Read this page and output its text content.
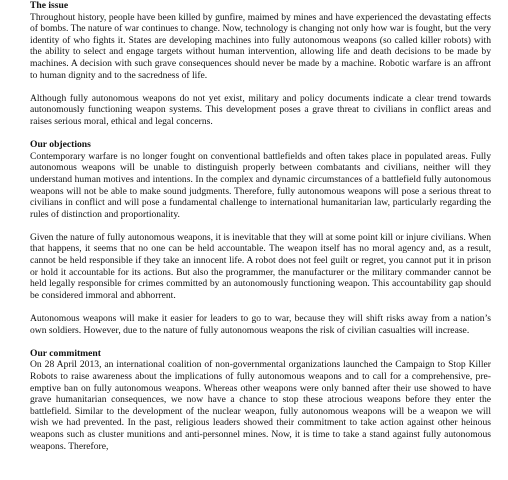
The issue

Throughout history, people have been killed by gunfire, maimed by mines and have experienced the devastating effects of bombs. The nature of war continues to change. Now, technology is changing not only how war is fought, but the very identity of who fights it. States are developing machines into fully autonomous weapons (so called killer robots) with the ability to select and engage targets without human intervention, allowing life and death decisions to be made by machines. A decision with such grave consequences should never be made by a machine. Robotic warfare is an affront to human dignity and to the sacredness of life.

Although fully autonomous weapons do not yet exist, military and policy documents indicate a clear trend towards autonomously functioning weapon systems. This development poses a grave threat to civilians in conflict areas and raises serious moral, ethical and legal concerns.

Our objections

Contemporary warfare is no longer fought on conventional battlefields and often takes place in populated areas. Fully autonomous weapons will be unable to distinguish properly between combatants and civilians, neither will they understand human motives and intentions. In the complex and dynamic circumstances of a battlefield fully autonomous weapons will not be able to make sound judgments. Therefore, fully autonomous weapons will pose a serious threat to civilians in conflict and will pose a fundamental challenge to international humanitarian law, particularly regarding the rules of distinction and proportionality.

Given the nature of fully autonomous weapons, it is inevitable that they will at some point kill or injure civilians. When that happens, it seems that no one can be held accountable. The weapon itself has no moral agency and, as a result, cannot be held responsible if they take an innocent life. A robot does not feel guilt or regret, you cannot put it in prison or hold it accountable for its actions. But also the programmer, the manufacturer or the military commander cannot be held legally responsible for crimes committed by an autonomously functioning weapon. This accountability gap should be considered immoral and abhorrent.

Autonomous weapons will make it easier for leaders to go to war, because they will shift risks away from a nation’s own soldiers. However, due to the nature of fully autonomous weapons the risk of civilian casualties will increase.

Our commitment

On 28 April 2013, an international coalition of non-governmental organizations launched the Campaign to Stop Killer Robots to raise awareness about the implications of fully autonomous weapons and to call for a comprehensive, pre-emptive ban on fully autonomous weapons. Whereas other weapons were only banned after their use showed to have grave humanitarian consequences, we now have a chance to stop these atrocious weapons before they enter the battlefield. Similar to the development of the nuclear weapon, fully autonomous weapons will be a weapon we will wish we had prevented. In the past, religious leaders showed their commitment to take action against other heinous weapons such as cluster munitions and anti-personnel mines. Now, it is time to take a stand against fully autonomous weapons. Therefore,
